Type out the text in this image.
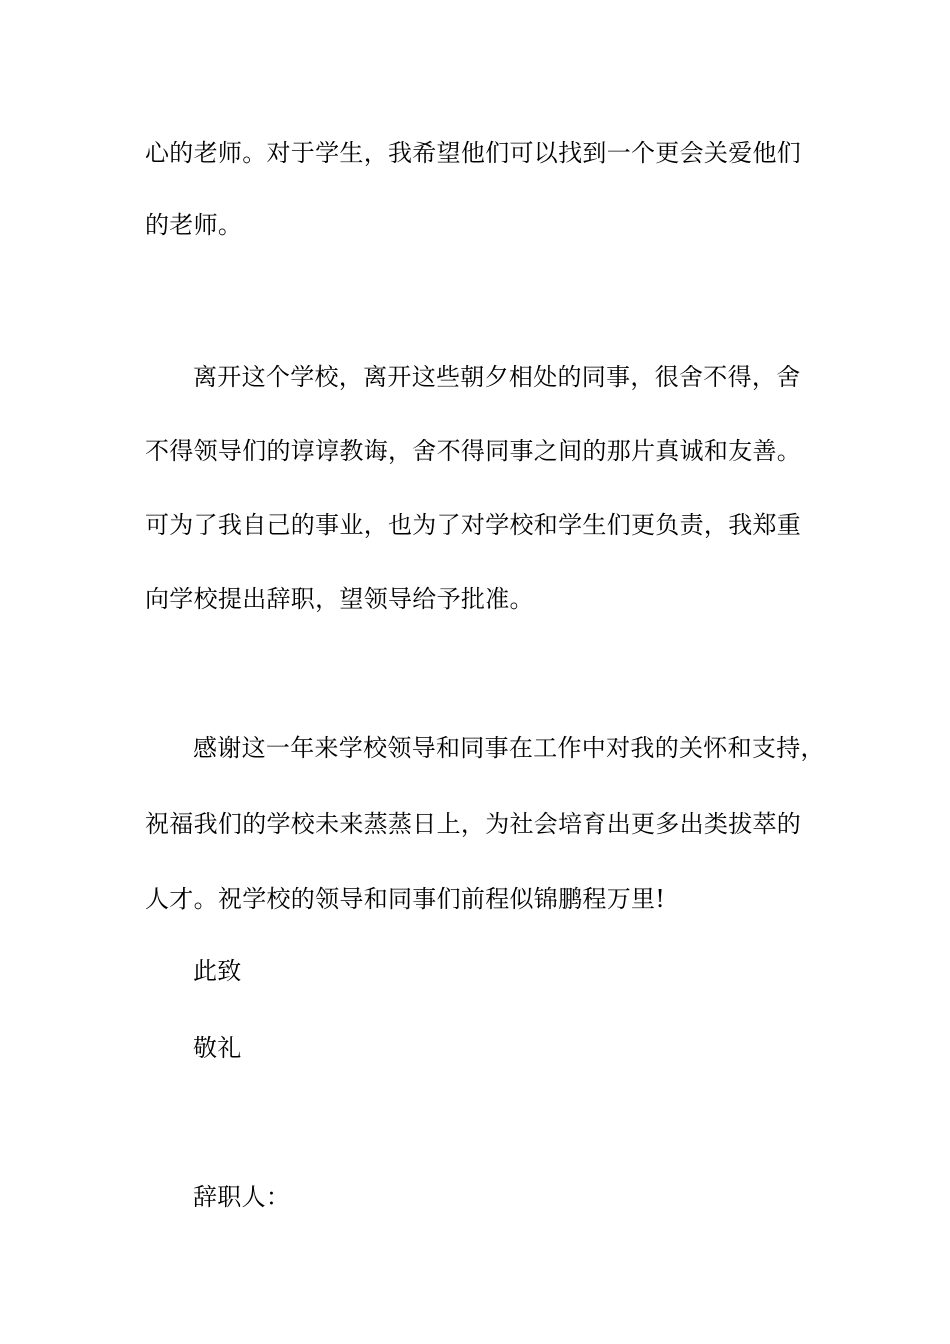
心的老师。对于学生，我希望他们可以找到一个更会关爱他们
的老师。
离开这个学校，离开这些朝夕相处的同事，很舍不得，舍
不得领导们的谆谆教诲，舍不得同事之间的那片真诚和友善。
可为了我自己的事业，也为了对学校和学生们更负责，我郑重
向学校提出辞职，望领导给予批准。
感谢这一年来学校领导和同事在工作中对我的关怀和支持，
祝福我们的学校未来蒸蒸日上，为社会培育出更多出类拔萃的
人才。祝学校的领导和同事们前程似锦鹏程万里!
此致
敬礼
辞职人：
